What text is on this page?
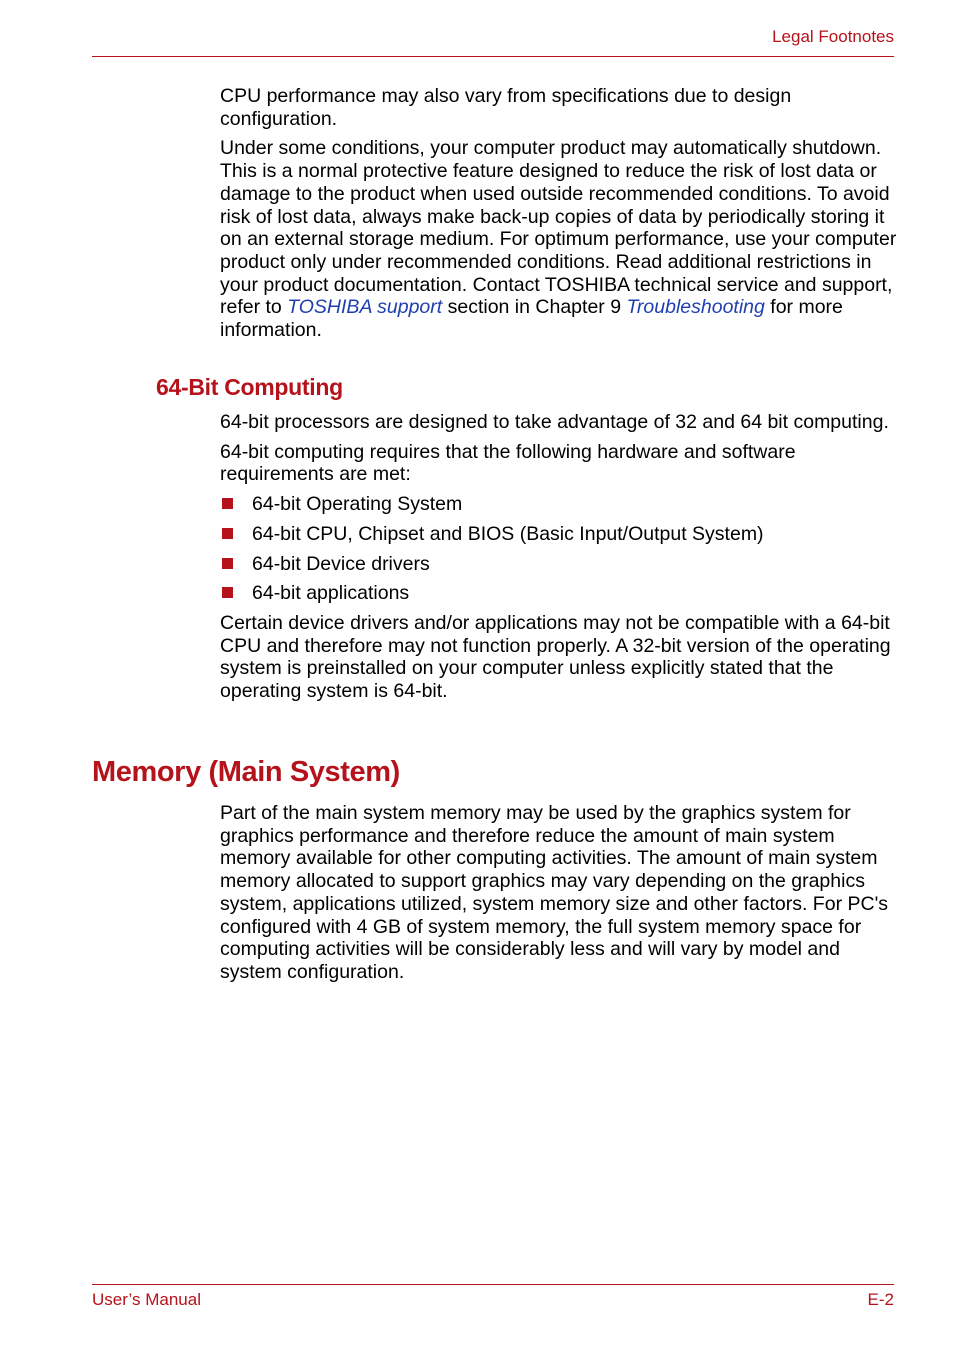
Legal Footnotes

CPU performance may also vary from specifications due to design configuration.

Under some conditions, your computer product may automatically shutdown. This is a normal protective feature designed to reduce the risk of lost data or damage to the product when used outside recommended conditions. To avoid risk of lost data, always make back-up copies of data by periodically storing it on an external storage medium. For optimum performance, use your computer product only under recommended conditions. Read additional restrictions in your product documentation. Contact TOSHIBA technical service and support, refer to TOSHIBA support section in Chapter 9 Troubleshooting for more information.

64-Bit Computing

64-bit processors are designed to take advantage of 32 and 64 bit computing.

64-bit computing requires that the following hardware and software requirements are met:

64-bit Operating System
64-bit CPU, Chipset and BIOS (Basic Input/Output System)
64-bit Device drivers
64-bit applications

Certain device drivers and/or applications may not be compatible with a 64-bit CPU and therefore may not function properly. A 32-bit version of the operating system is preinstalled on your computer unless explicitly stated that the operating system is 64-bit.

Memory (Main System)

Part of the main system memory may be used by the graphics system for graphics performance and therefore reduce the amount of main system memory available for other computing activities. The amount of main system memory allocated to support graphics may vary depending on the graphics system, applications utilized, system memory size and other factors. For PC's configured with 4 GB of system memory, the full system memory space for computing activities will be considerably less and will vary by model and system configuration.

User’s Manual	E-2
